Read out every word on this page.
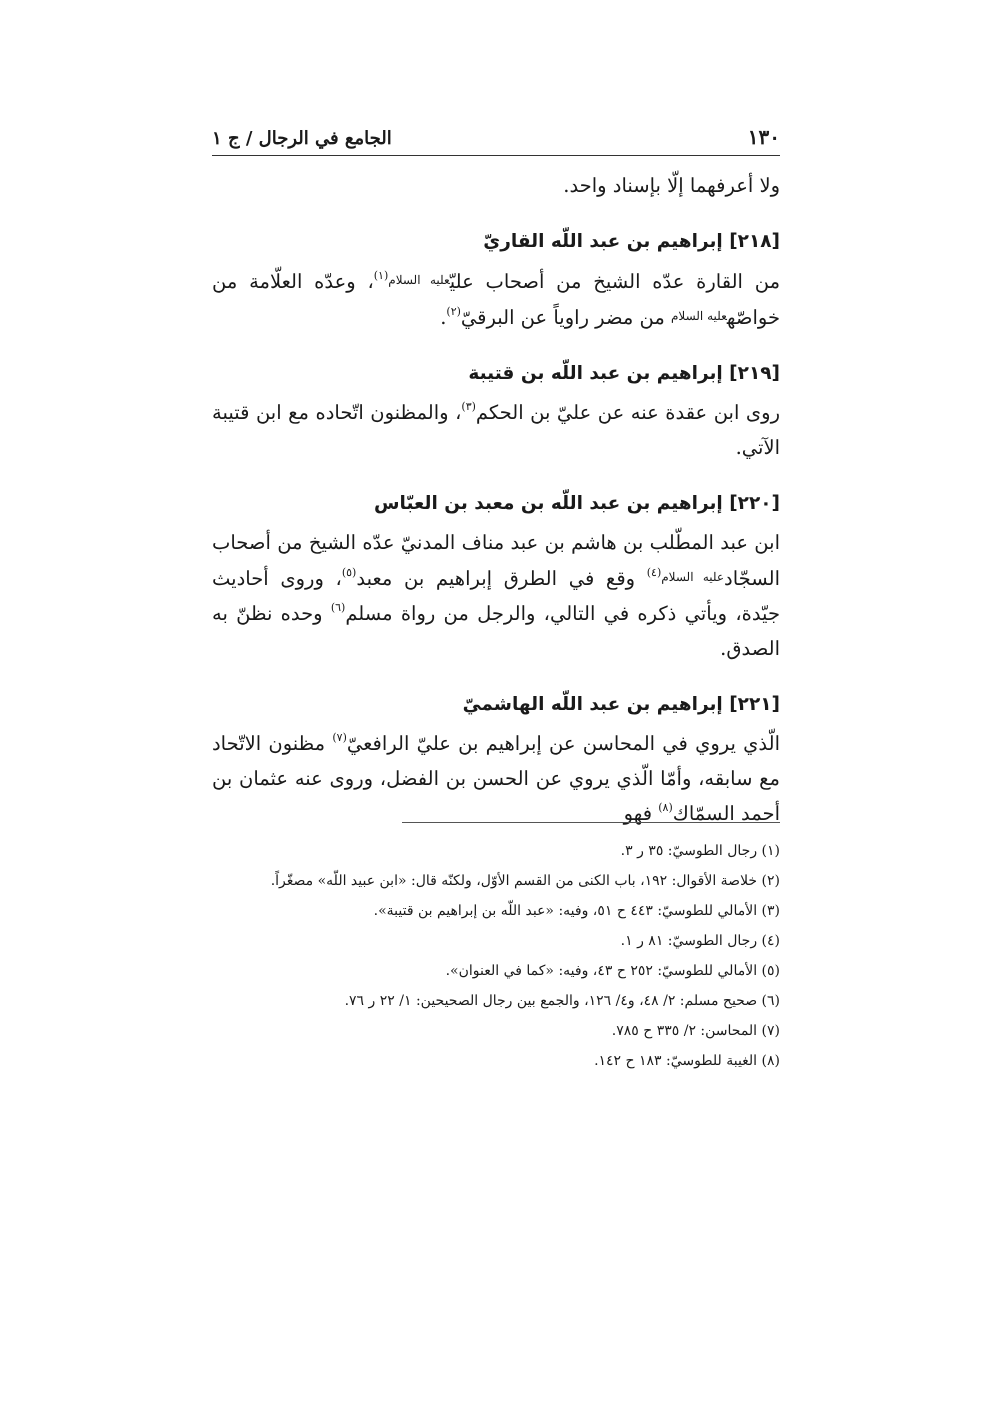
١٣٠
الجامع في الرجال / ج ١

ولا أعرفهما إلّا بإسناد واحد.

[٢١٨] إبراهيم بن عبد اللّه القاريّ

من القارة عدّه الشيخ من أصحاب عليّ$^{عليه السلام(١)}$، وعدّه العلّامة من خواصّه$^{عليه السلام}$ من مضر راوياً عن البرقيّ$^{(٢)}$.

[٢١٩] إبراهيم بن عبد اللّه بن قتيبة

روى ابن عقدة عنه عن عليّ بن الحكم$^{(٣)}$، والمظنون اتّحاده مع ابن قتيبة الآتي.

[٢٢٠] إبراهيم بن عبد اللّه بن معبد بن العبّاس

ابن عبد المطّلب بن هاشم بن عبد مناف المدنيّ عدّه الشيخ من أصحاب السجّاد$^{عليه السلام(٤)}$ وقع في الطرق إبراهيم بن معبد$^{(٥)}$، وروى أحاديث جيّدة، ويأتي ذكره في التالي، والرجل من رواة مسلم$^{(٦)}$ وحده نظنّ به الصدق.

[٢٢١] إبراهيم بن عبد اللّه الهاشميّ

الّذي يروي في المحاسن عن إبراهيم بن عليّ الرافعيّ$^{(٧)}$ مظنون الاتّحاد مع سابقه، وأمّا الّذي يروي عن الحسن بن الفضل، وروى عنه عثمان بن أحمد السمّاك$^{(٨)}$ فهو

(١) رجال الطوسيّ: ٣٥ ر ٣.

(٢) خلاصة الأقوال: ١٩٢، باب الكنى من القسم الأوّل، ولكنّه قال: «ابن عبيد اللّه» مصغّراً.

(٣) الأمالي للطوسيّ: ٤٤٣ ح ٥١، وفيه: «عبد اللّه بن إبراهيم بن قتيبة».

(٤) رجال الطوسيّ: ٨١ ر ١.

(٥) الأمالي للطوسيّ: ٢٥٢ ح ٤٣، وفيه: «كما في العنوان».

(٦) صحيح مسلم: ٢/ ٤٨، و٤/ ١٢٦، والجمع بين رجال الصحيحين: ١/ ٢٢ ر ٧٦.

(٧) المحاسن: ٢/ ٣٣٥ ح ٧٨٥.

(٨) الغيبة للطوسيّ: ١٨٣ ح ١٤٢.
